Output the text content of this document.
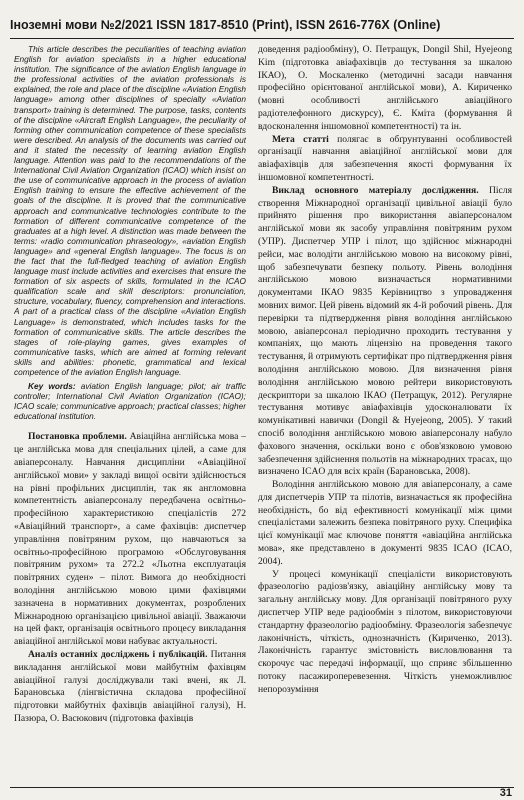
Іноземні мови №2/2021 ISSN 1817-8510 (Print), ISSN 2616-776X (Online)

This article describes the peculiarities of teaching aviation English for aviation specialists in a higher educational institution. The significance of the aviation English language in the professional activities of the aviation professionals is explained, the role and place of the discipline «Aviation English language» among other disciplines of specialty «Aviation transport» training is determined. The purpose, tasks, contents of the discipline «Aircraft English Language», the peculiarity of forming other communication competence of these specialists were described. An analysis of the documents was carried out and it stated the necessity of learning aviation English language. Attention was paid to the recommendations of the International Civil Aviation Organization (ICAO) which insist on the use of communicative approach in the process of aviation English training to ensure the effective achievement of the goals of the discipline. It is proved that the communicative approach and communicative technologies contribute to the formation of different communicative competence of the graduates at a high level. A distinction was made between the terms: «radio communication phraseology», «aviation English language» and «general English language». The focus is on the fact that the full-fledged teaching of aviation English language must include activities and exercises that ensure the formation of six aspects of skills, formulated in the ICAO qualification scale and skill descriptors: pronunciation, structure, vocabulary, fluency, comprehension and interactions. A part of a practical class of the discipline «Aviation English Language» is demonstrated, which includes tasks for the formation of communicative skills. The article describes the stages of role-playing games, gives examples of communicative tasks, which are aimed at forming relevant skills and abilities: phonetic, grammatical and lexical competence of the aviation English language.

Key words: aviation English language; pilot; air traffic controller; International Civil Aviation Organization (ICAO); ICAO scale; communicative approach; practical classes; higher educational institution.

Постановка проблеми. Авіаційна англійська мова – це англійська мова для спеціальних цілей, а саме для авіаперсоналу. Навчання дисципліни «Авіаційної англійської мови» у закладі вищої освіти здійснюється на рівні профільних дисциплін, так як англомовна компетентність авіаперсоналу передбачена освітньо-професійною характеристикою спеціалістів 272 «Авіаційний транспорт», а саме фахівців: диспетчер управління повітряним рухом, що навчаються за освітньо-професійною програмою «Обслуговування повітряним рухом» та 272.2 «Льотна експлуатація повітряних суден» – пілот. Вимога до необхідності володіння англійською мовою цими фахівцями зазначена в нормативних документах, розроблених Міжнародною організацією цивільної авіації. Зважаючи на цей факт, організація освітнього процесу викладання авіаційної англійської мови набуває актуальності.

Аналіз останніх досліджень і публікацій. Питання викладання англійської мови майбутнім фахівцям авіаційної галузі досліджували такі вчені, як Л. Барановська (лінгвістична складова професійної підготовки майбутніх фахівців авіаційної галузі), Н. Пазюра, О. Васюкович (підготовка фахівців

доведення радіообміну), О. Петращук, Dongil Shil, Hyejeong Kim (підготовка авіафахівців до тестування за шкалою ІКАО), О. Москаленко (методичні засади навчання професійно орієнтованої англійської мови), А. Кириченко (мовні особливості англійського авіаційного радіотелефонного дискурсу), Є. Кміта (формування й вдосконалення іншомовної компетентності) та ін.

Мета статті полягає в обґрунтуванні особливостей організації навчання авіаційної англійської мови для авіафахівців для забезпечення якості формування їх іншомовної компетентності.

Виклад основного матеріалу дослідження. Після створення Міжнародної організації цивільної авіації було прийнято рішення про використання авіаперсоналом англійської мови як засобу управління повітряним рухом (УПР). Диспетчер УПР і пілот, що здійснює міжнародні рейси, має володіти англійською мовою на високому рівні, щоб забезпечувати безпеку польоту. Рівень володіння англійською мовою визначається нормативними документами ІКАО 9835 Керівництво з упровадження мовних вимог. Цей рівень відомий як 4-й робочий рівень. Для перевірки та підтвердження рівня володіння англійською мовою, авіаперсонал періодично проходить тестування у компаніях, що мають ліцензію на проведення такого тестування, й отримують сертифікат про підтвердження рівня володіння англійською мовою. Для визначення рівня володіння англійською мовою рейтери використовують дескриптори за шкалою ІКАО (Петращук, 2012). Регулярне тестування мотивує авіафахівців удосконалювати їх комунікативні навички (Dongil & Hyejeong, 2005). У такий спосіб володіння англійською мовою авіаперсоналу набуло фахового значення, оскільки воно є обов'язковою умовою забезпечення здійснення польотів на міжнародних трасах, що визначено ICAO для всіх країн (Барановська, 2008).

Володіння англійською мовою для авіаперсоналу, а саме для диспетчерів УПР та пілотів, визначається як професійна необхідність, бо від ефективності комунікації між цими спеціалістами залежить безпека повітряного руху. Специфіка цієї комунікації має ключове поняття «авіаційна англійська мова», яке представлено в документі 9835 ICAO (ICAO, 2004).

У процесі комунікації спеціалісти використовують фразеологію радіозв'язку, авіаційну англійську мову та загальну англійську мову. Для організації повітряного руху диспетчер УПР веде радіообмін з пілотом, використовуючи стандартну фразеологію радіообміну. Фразеологія забезпечує лаконічність, чіткість, однозначність (Кириченко, 2013). Лаконічність гарантує змістовність висловлювання та скорочує час передачі інформації, що сприяє збільшенню потоку пасажироперевезення. Чіткість унеможливлює непорозуміння

31
